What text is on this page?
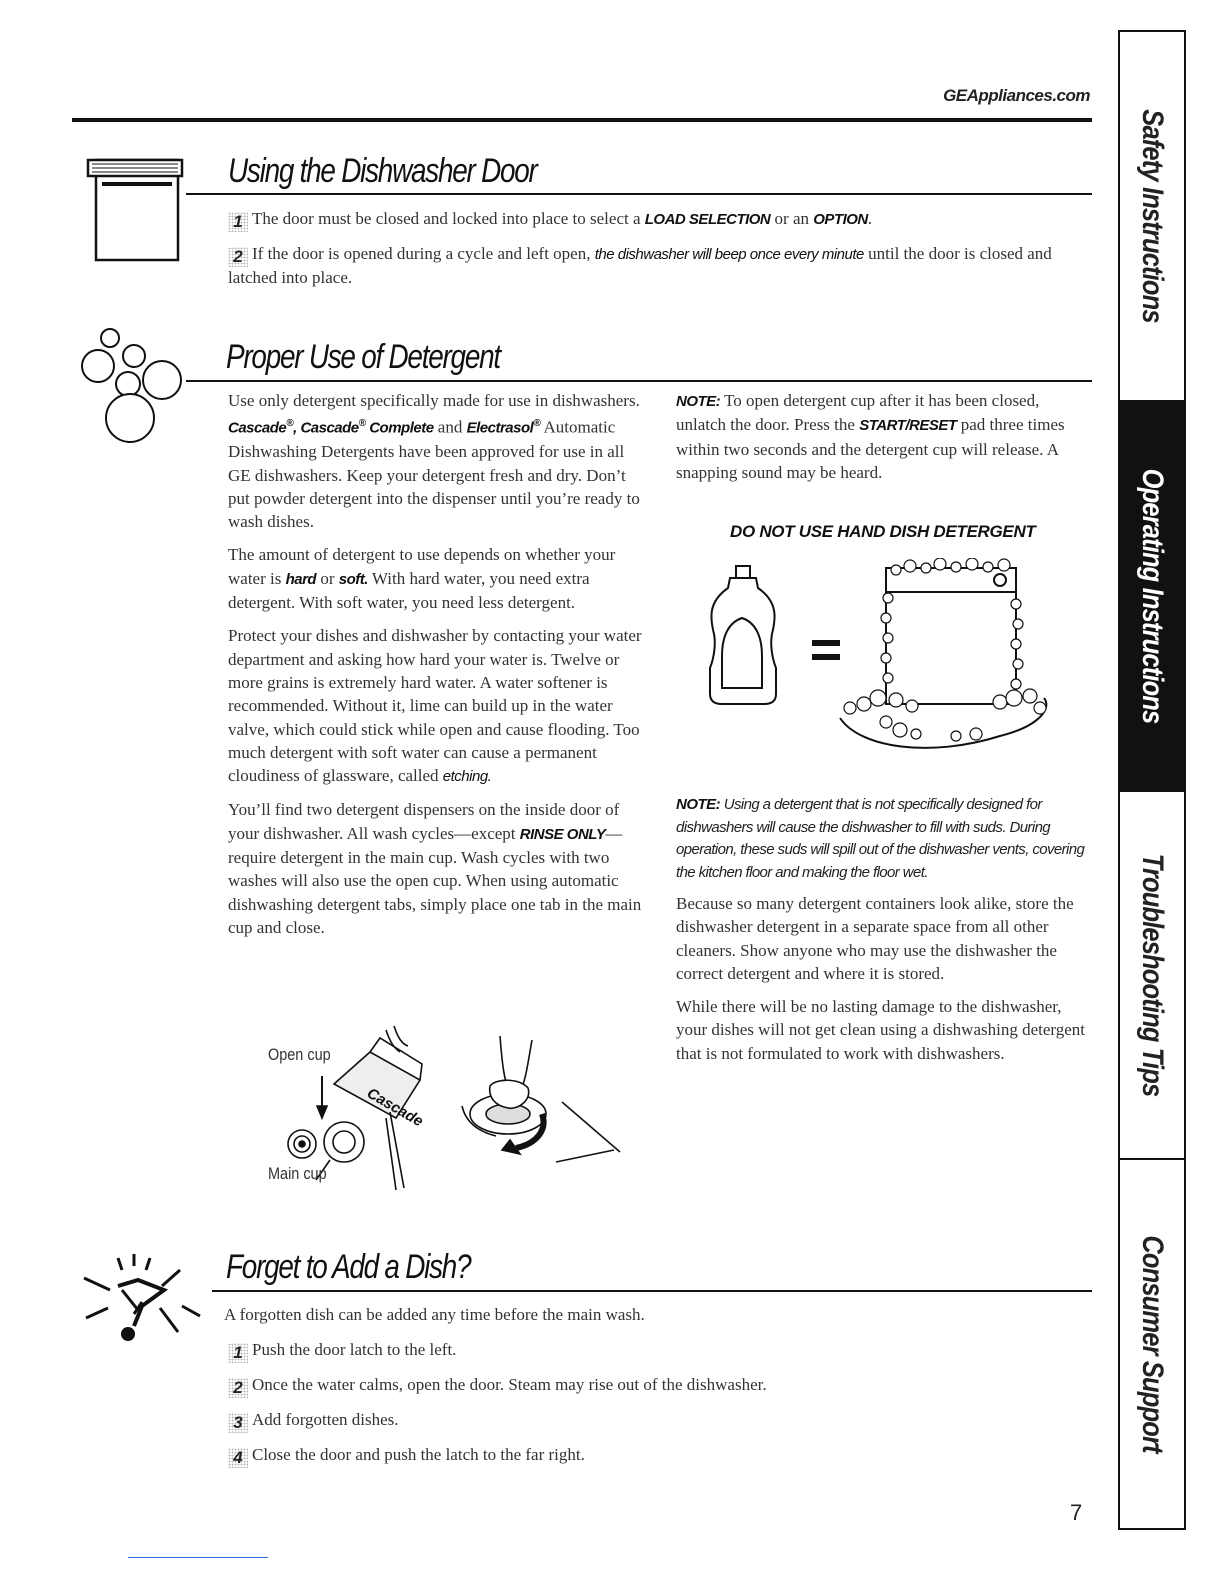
GEAppliances.com
Using the Dishwasher Door
1 The door must be closed and locked into place to select a LOAD SELECTION or an OPTION.
2 If the door is opened during a cycle and left open, the dishwasher will beep once every minute until the door is closed and latched into place.
Proper Use of Detergent

Use only detergent specifically made for use in dishwashers. Cascade®, Cascade® Complete and Electrasol® Automatic Dishwashing Detergents have been approved for use in all GE dishwashers. Keep your detergent fresh and dry. Don’t put powder detergent into the dispenser until you’re ready to wash dishes.

The amount of detergent to use depends on whether your water is hard or soft. With hard water, you need extra detergent. With soft water, you need less detergent.

Protect your dishes and dishwasher by contacting your water department and asking how hard your water is. Twelve or more grains is extremely hard water. A water softener is recommended. Without it, lime can build up in the water valve, which could stick while open and cause flooding. Too much detergent with soft water can cause a permanent cloudiness of glassware, called etching.

You’ll find two detergent dispensers on the inside door of your dishwasher. All wash cycles—except RINSE ONLY—require detergent in the main cup. Wash cycles with two washes will also use the open cup. When using automatic dishwashing detergent tabs, simply place one tab in the main cup and close.

Cascade
Open cup
Main cup

NOTE: To open detergent cup after it has been closed, unlatch the door. Press the START/RESET pad three times within two seconds and the detergent cup will release. A snapping sound may be heard.

DO NOT USE HAND DISH DETERGENT
NOTE: Using a detergent that is not specifically designed for dishwashers will cause the dishwasher to fill with suds. During operation, these suds will spill out of the dishwasher vents, covering the kitchen floor and making the floor wet.

Because so many detergent containers look alike, store the dishwasher detergent in a separate space from all other cleaners. Show anyone who may use the dishwasher the correct detergent and where it is stored.

While there will be no lasting damage to the dishwasher, your dishes will not get clean using a dishwashing detergent that is not formulated to work with dishwashers.

Forget to Add a Dish?
A forgotten dish can be added any time before the main wash.
1 Push the door latch to the left.
2 Once the water calms, open the door. Steam may rise out of the dishwasher.
3 Add forgotten dishes.
4 Close the door and push the latch to the far right.
Safety Instructions
Operating Instructions
Troubleshooting Tips
Consumer Support
7
